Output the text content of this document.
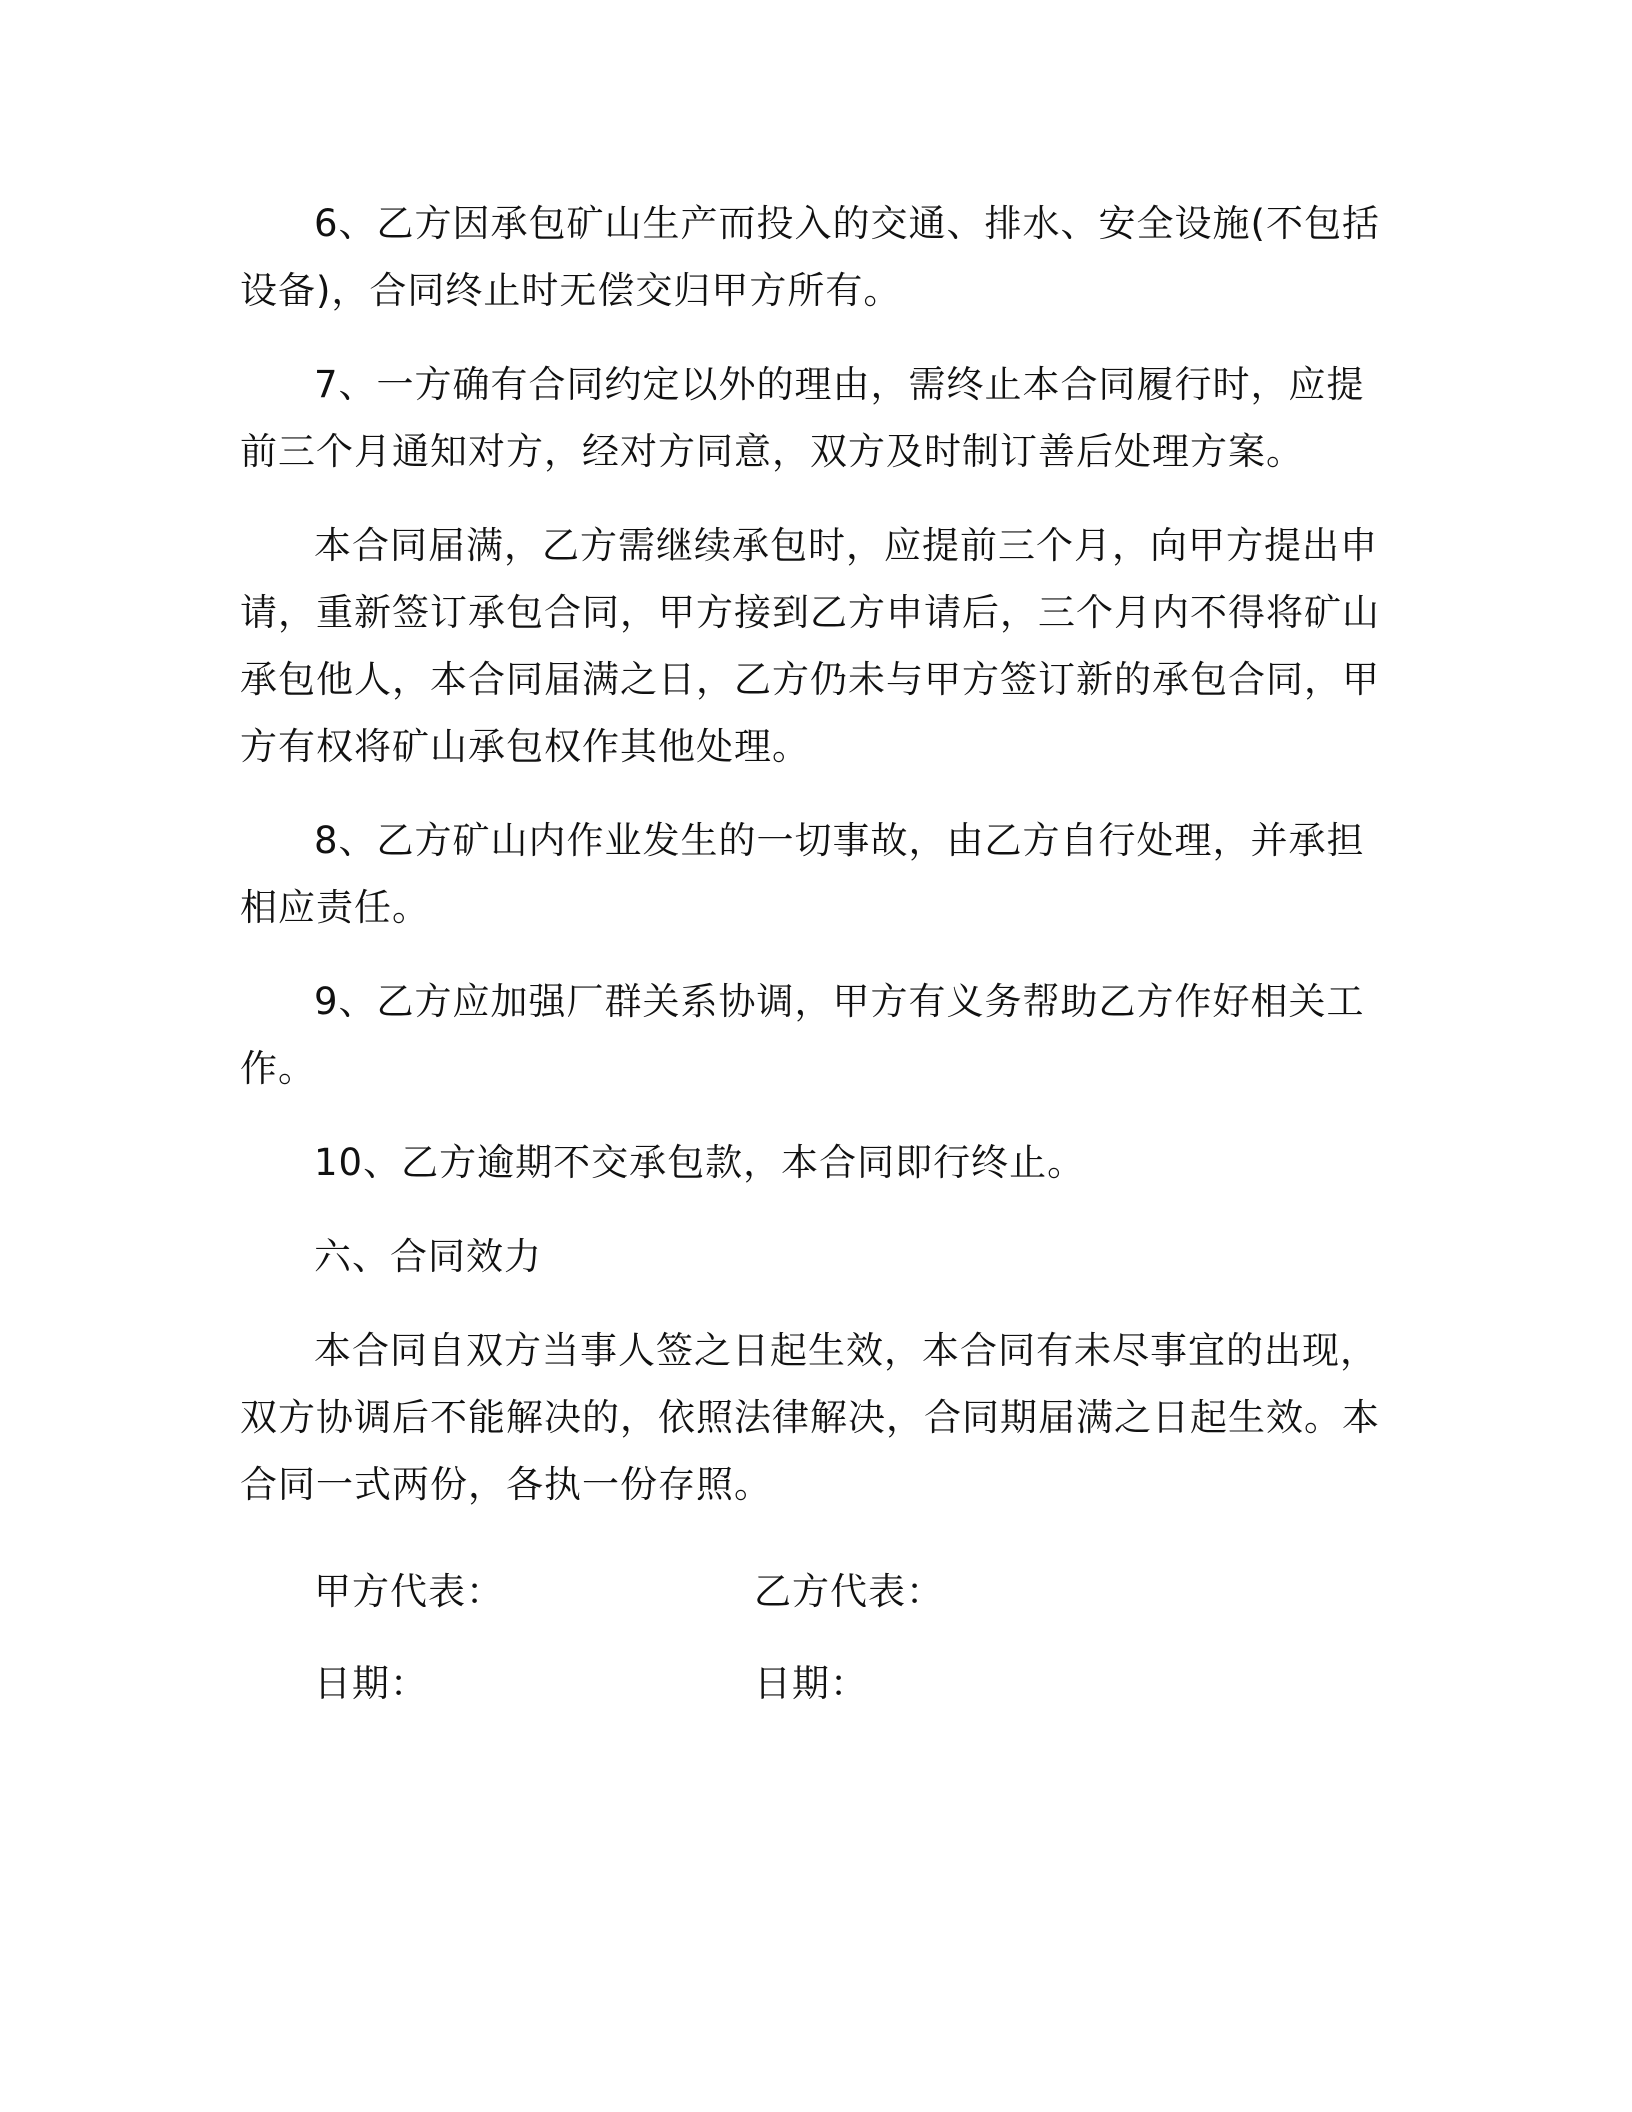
6、乙方因承包矿山生产而投入的交通、排水、安全设施(不包括设备)，合同终止时无偿交归甲方所有。

7、一方确有合同约定以外的理由，需终止本合同履行时，应提前三个月通知对方，经对方同意，双方及时制订善后处理方案。

本合同届满，乙方需继续承包时，应提前三个月，向甲方提出申请，重新签订承包合同，甲方接到乙方申请后，三个月内不得将矿山承包他人，本合同届满之日，乙方仍未与甲方签订新的承包合同，甲方有权将矿山承包权作其他处理。

8、乙方矿山内作业发生的一切事故，由乙方自行处理，并承担相应责任。

9、乙方应加强厂群关系协调，甲方有义务帮助乙方作好相关工作。

10、乙方逾期不交承包款，本合同即行终止。

六、合同效力

本合同自双方当事人签之日起生效，本合同有未尽事宜的出现，双方协调后不能解决的，依照法律解决，合同期届满之日起生效。本合同一式两份，各执一份存照。

甲方代表：	乙方代表：
日期：	日期：
